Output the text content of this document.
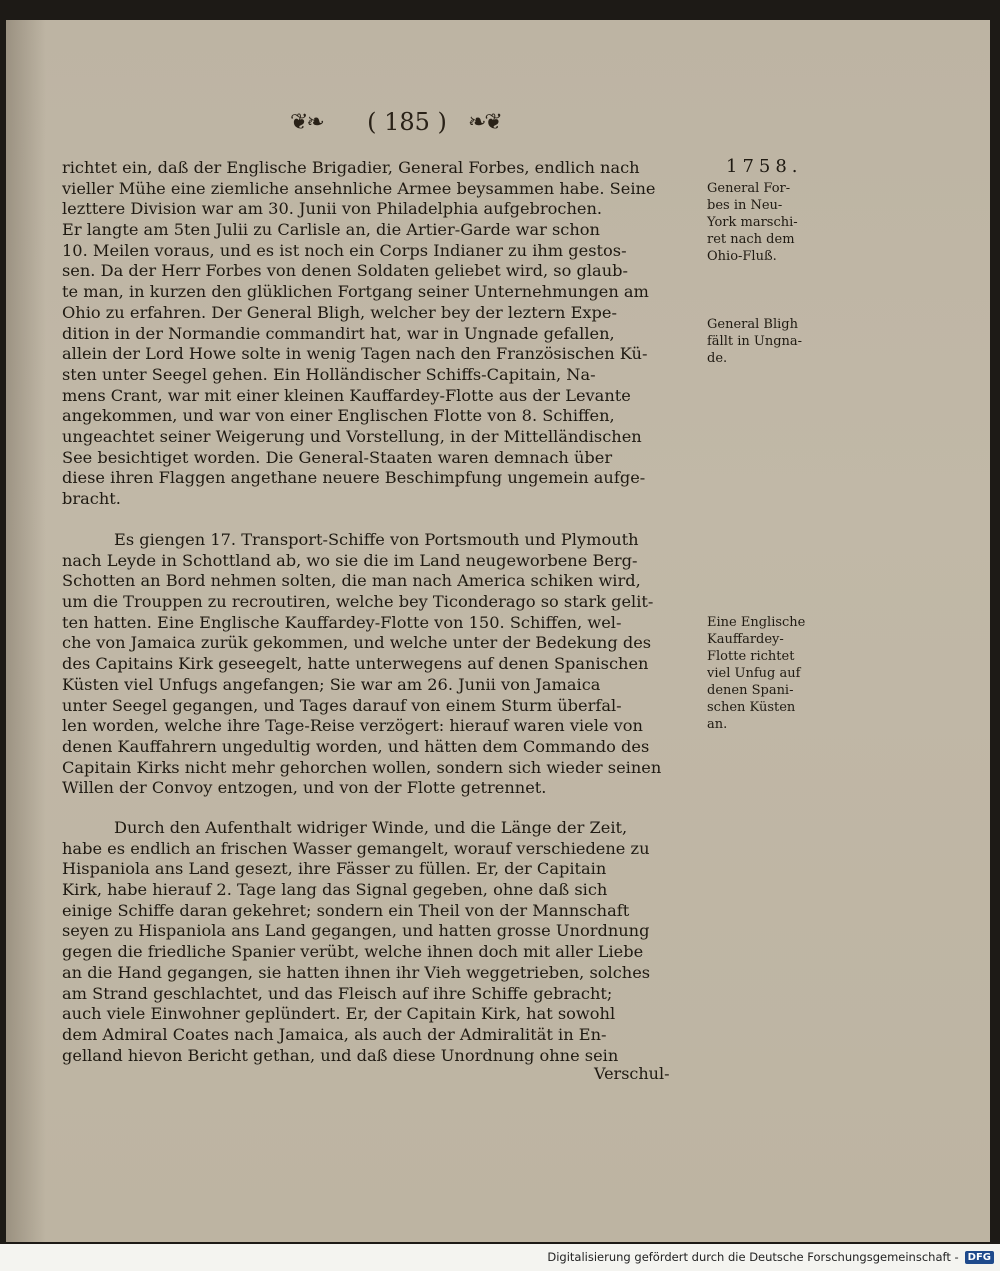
❦❧	( 185 ) ❧❦
1758.
richtet ein, daß der Englische Brigadier, General Forbes, endlich nach
vieller Mühe eine ziemliche ansehnliche Armee beysammen habe. Seine
lezttere Division war am 30. Junii von Philadelphia aufgebrochen.
Er langte am 5ten Julii zu Carlisle an, die Artier-Garde war schon
10. Meilen voraus, und es ist noch ein Corps Indianer zu ihm gestos-
sen. Da der Herr Forbes von denen Soldaten geliebet wird, so glaub-
te man, in kurzen den glüklichen Fortgang seiner Unternehmungen am
Ohio zu erfahren. Der General Bligh, welcher bey der leztern Expe-
dition in der Normandie commandirt hat, war in Ungnade gefallen,
allein der Lord Howe solte in wenig Tagen nach den Französischen Kü-
sten unter Seegel gehen. Ein Holländischer Schiffs-Capitain, Na-
mens Crant, war mit einer kleinen Kauffardey-Flotte aus der Levante
angekommen, und war von einer Englischen Flotte von 8. Schiffen,
ungeachtet seiner Weigerung und Vorstellung, in der Mittelländischen
See besichtiget worden. Die General-Staaten waren demnach über
diese ihren Flaggen angethane neuere Beschimpfung ungemein aufge-
bracht.
Es giengen 17. Transport-Schiffe von Portsmouth und Plymouth
nach Leyde in Schottland ab, wo sie die im Land neugeworbene Berg-
Schotten an Bord nehmen solten, die man nach America schiken wird,
um die Trouppen zu recroutiren, welche bey Ticonderago so stark gelit-
ten hatten. Eine Englische Kauffardey-Flotte von 150. Schiffen, wel-
che von Jamaica zurük gekommen, und welche unter der Bedekung des
des Capitains Kirk geseegelt, hatte unterwegens auf denen Spanischen
Küsten viel Unfugs angefangen; Sie war am 26. Junii von Jamaica
unter Seegel gegangen, und Tages darauf von einem Sturm überfal-
len worden, welche ihre Tage-Reise verzögert: hierauf waren viele von
denen Kauffahrern ungedultig worden, und hätten dem Commando des
Capitain Kirks nicht mehr gehorchen wollen, sondern sich wieder seinen
Willen der Convoy entzogen, und von der Flotte getrennet.
Durch den Aufenthalt widriger Winde, und die Länge der Zeit,
habe es endlich an frischen Wasser gemangelt, worauf verschiedene zu
Hispaniola ans Land gesezt, ihre Fässer zu füllen. Er, der Capitain
Kirk, habe hierauf 2. Tage lang das Signal gegeben, ohne daß sich
einige Schiffe daran gekehret; sondern ein Theil von der Mannschaft
seyen zu Hispaniola ans Land gegangen, und hatten grosse Unordnung
gegen die friedliche Spanier verübt, welche ihnen doch mit aller Liebe
an die Hand gegangen, sie hatten ihnen ihr Vieh weggetrieben, solches
am Strand geschlachtet, und das Fleisch auf ihre Schiffe gebracht;
auch viele Einwohner geplündert. Er, der Capitain Kirk, hat sowohl
dem Admiral Coates nach Jamaica, als auch der Admiralität in En-
gelland hievon Bericht gethan, und daß diese Unordnung ohne sein
Verschul-
General For-
bes in Neu-
York marschi-
ret nach dem
Ohio-Fluß.
General Bligh
fällt in Ungna-
de.
Eine Englische
Kauffardey-
Flotte richtet
viel Unfug auf
denen Spani-
schen Küsten
an.
Digitalisierung gefördert durch die Deutsche Forschungsgemeinschaft - DFG
